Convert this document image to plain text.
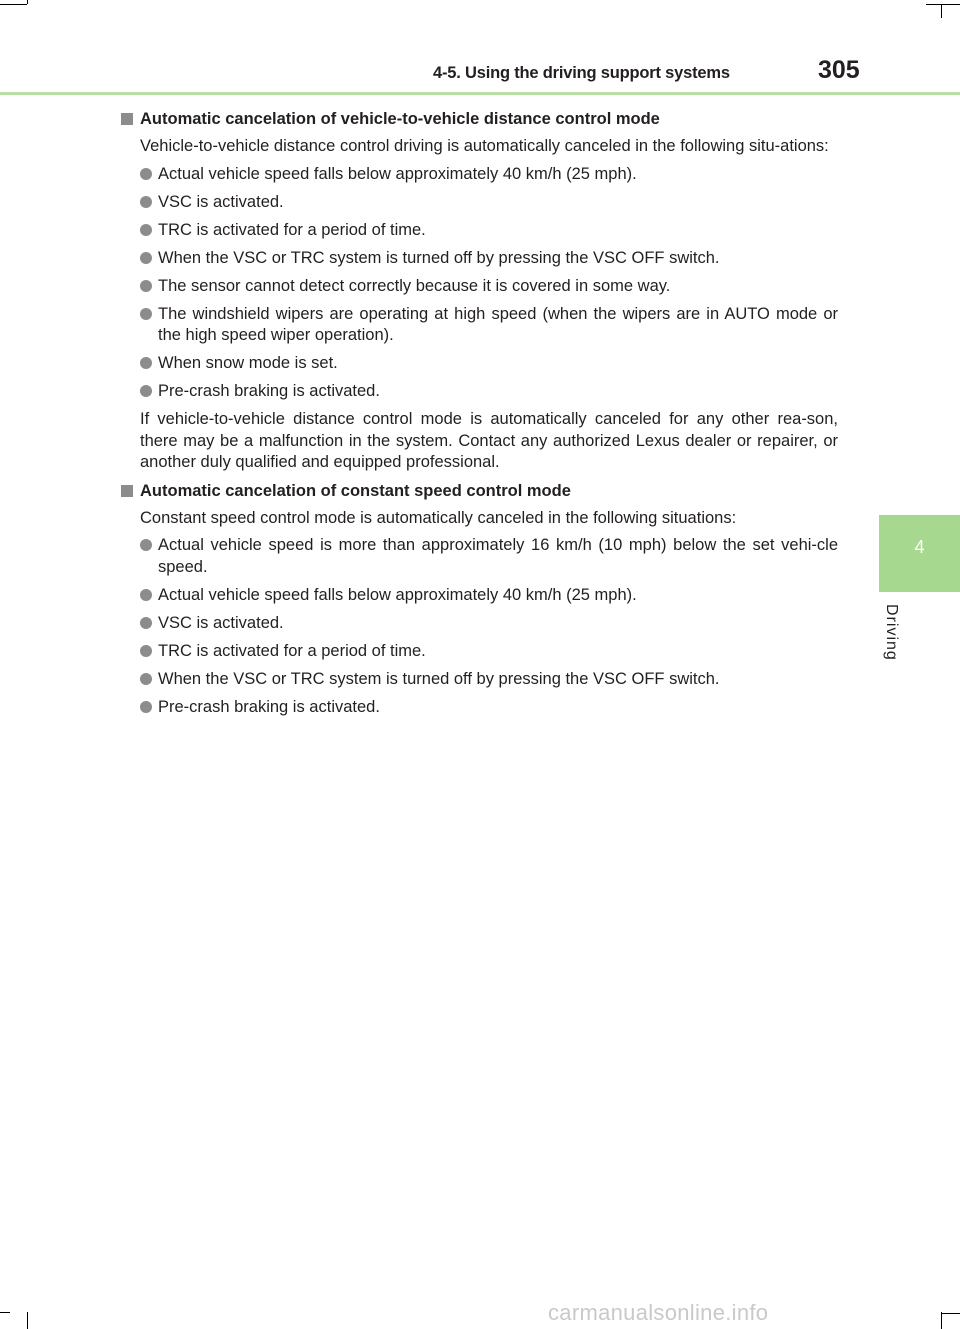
4-5. Using the driving support systems	305
4
Driving
Automatic cancelation of vehicle-to-vehicle distance control mode

Vehicle-to-vehicle distance control driving is automatically canceled in the following situ-ations:

Actual vehicle speed falls below approximately 40 km/h (25 mph).
VSC is activated.
TRC is activated for a period of time.
When the VSC or TRC system is turned off by pressing the VSC OFF switch.
The sensor cannot detect correctly because it is covered in some way.
The windshield wipers are operating at high speed (when the wipers are in AUTO mode or the high speed wiper operation).
When snow mode is set.
Pre-crash braking is activated.

If vehicle-to-vehicle distance control mode is automatically canceled for any other rea-son, there may be a malfunction in the system. Contact any authorized Lexus dealer or repairer, or another duly qualified and equipped professional.

Automatic cancelation of constant speed control mode

Constant speed control mode is automatically canceled in the following situations:

Actual vehicle speed is more than approximately 16 km/h (10 mph) below the set vehi-cle speed.
Actual vehicle speed falls below approximately 40 km/h (25 mph).
VSC is activated.
TRC is activated for a period of time.
When the VSC or TRC system is turned off by pressing the VSC OFF switch.
Pre-crash braking is activated.
carmanualsonline.info
